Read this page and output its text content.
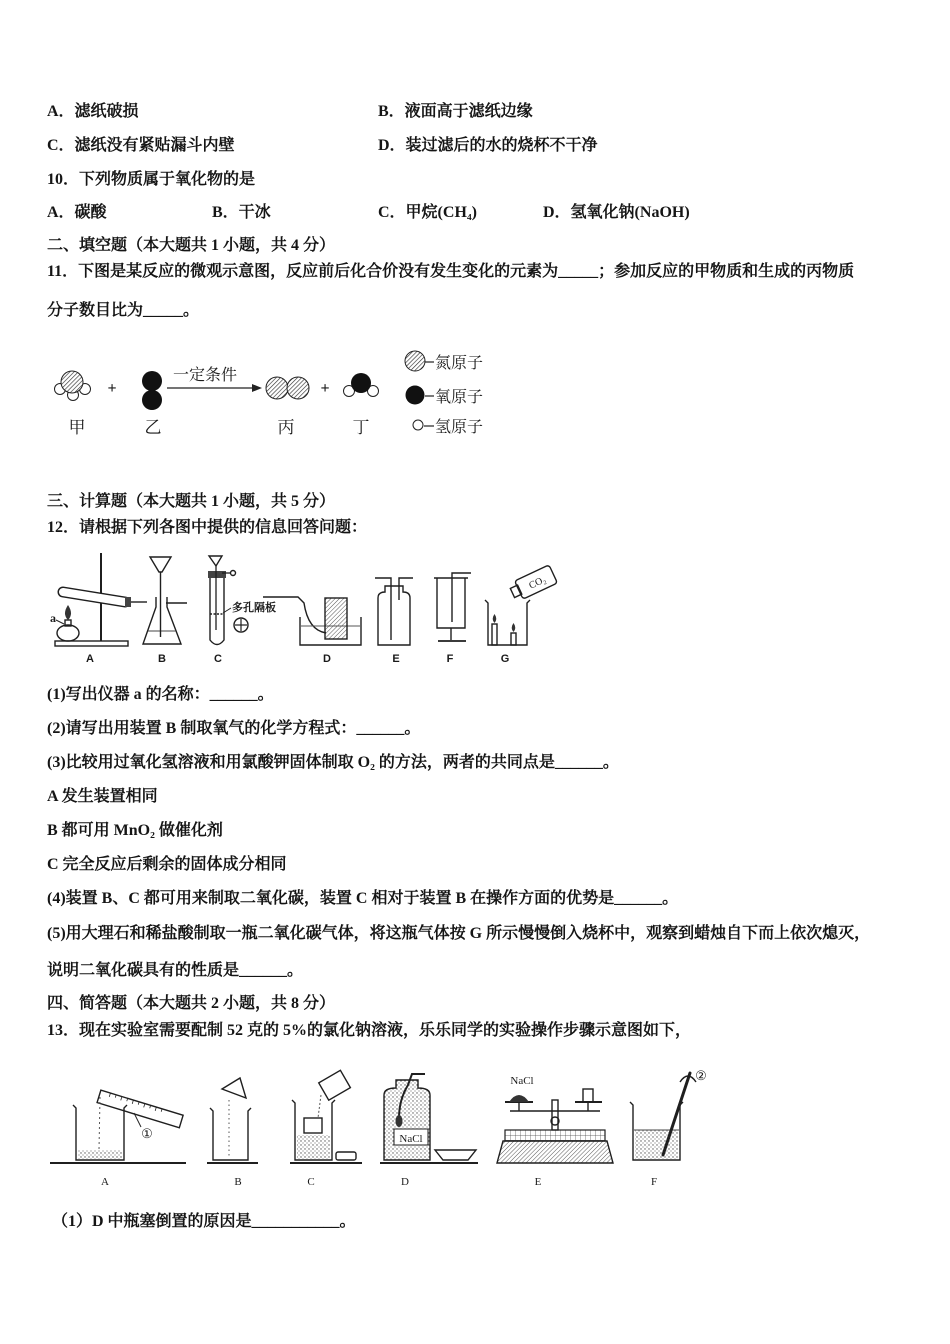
A．滤纸破损	B．液面高于滤纸边缘
C．滤纸没有紧贴漏斗内壁	D．装过滤后的水的烧杯不干净
10．下列物质属于氧化物的是
A．碳酸	B．干冰	C．甲烷(CH₄)	D．氢氧化钠(NaOH)
二、填空题（本大题共 1 小题，共 4 分）
11．下图是某反应的微观示意图，反应前后化合价没有发生变化的元素为_____；参加反应的甲物质和生成的丙物质
分子数目比为_____。
甲
+
乙
一定条件
丙
+
丁
氮原子
氧原子
氢原子
三、计算题（本大题共 1 小题，共 5 分）
12．请根据下列各图中提供的信息回答问题：
a
A	B
多孔隔板
C	D	E	F
CO₂
G
(1)写出仪器 a 的名称：______。
(2)请写出用装置 B 制取氧气的化学方程式：______。
(3)比较用过氧化氢溶液和用氯酸钾固体制取 O₂ 的方法，两者的共同点是______。
A 发生装置相同
B 都可用 MnO₂ 做催化剂
C 完全反应后剩余的固体成分相同
(4)装置 B、C 都可用来制取二氧化碳，装置 C 相对于装置 B 在操作方面的优势是______。
(5)用大理石和稀盐酸制取一瓶二氧化碳气体，将这瓶气体按 G 所示慢慢倒入烧杯中，观察到蜡烛自下而上依次熄灭，
说明二氧化碳具有的性质是______。
四、简答题（本大题共 2 小题，共 8 分）
13．现在实验室需要配制 52 克的 5%的氯化钠溶液，乐乐同学的实验操作步骤示意图如下，
①
A	B	C
NaCl
D
NaCl
E
②
F
（1）D 中瓶塞倒置的原因是___________。
